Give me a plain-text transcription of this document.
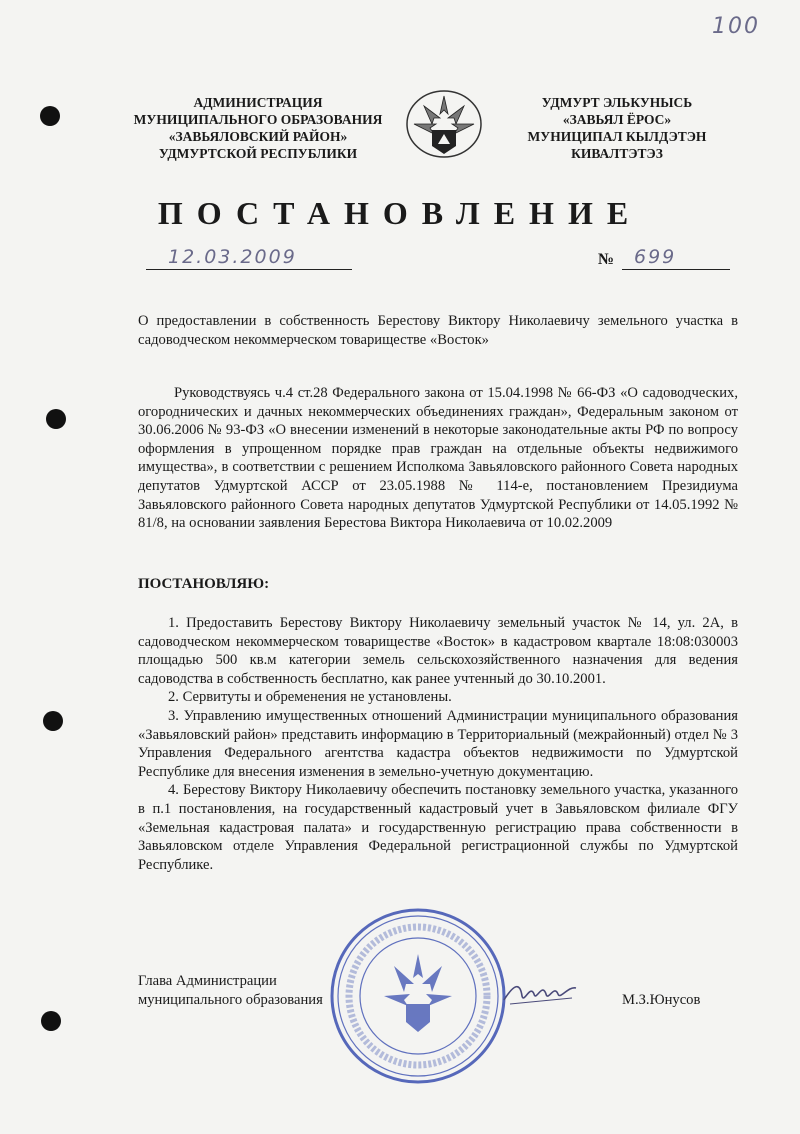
100
АДМИНИСТРАЦИЯ
МУНИЦИПАЛЬНОГО ОБРАЗОВАНИЯ
«ЗАВЬЯЛОВСКИЙ РАЙОН»
УДМУРТСКОЙ РЕСПУБЛИКИ
УДМУРТ ЭЛЬКУНЫСЬ
«ЗАВЬЯЛ ЁРОС»
МУНИЦИПАЛ КЫЛДЭТЭН
КИВАЛТЭТЭЗ
ПОСТАНОВЛЕНИЕ
12.03.2009	№ 699
О предоставлении в собственность Берестову Виктору Николаевичу земельного участка в садоводческом некоммерческом товариществе «Восток»
Руководствуясь ч.4 ст.28 Федерального закона от 15.04.1998 № 66-ФЗ «О садоводческих, огороднических и дачных некоммерческих объединениях граждан», Федеральным законом от 30.06.2006 № 93-ФЗ «О внесении изменений в некоторые законодательные акты РФ по вопросу оформления в упрощенном порядке прав граждан на отдельные объекты недвижимого имущества», в соответствии с решением Исполкома Завьяловского районного Совета народных депутатов Удмуртской АССР от 23.05.1988 № 114-е, постановлением Президиума Завьяловского районного Совета народных депутатов Удмуртской Республики от 14.05.1992 № 81/8, на основании заявления Берестова Виктора Николаевича от 10.02.2009
ПОСТАНОВЛЯЮ:
1. Предоставить Берестову Виктору Николаевичу земельный участок № 14, ул. 2А, в садоводческом некоммерческом товариществе «Восток» в кадастровом квартале 18:08:030003 площадью 500 кв.м категории земель сельскохозяйственного назначения для ведения садоводства в собственность бесплатно, как ранее учтенный до 30.10.2001.
2. Сервитуты и обременения не установлены.
3. Управлению имущественных отношений Администрации муниципального образования «Завьяловский район» представить информацию в Территориальный (межрайонный) отдел № 3 Управления Федерального агентства кадастра объектов недвижимости по Удмуртской Республике для внесения изменения в земельно-учетную документацию.
4. Берестову Виктору Николаевичу обеспечить постановку земельного участка, указанного в п.1 постановления, на государственный кадастровый учет в Завьяловском филиале ФГУ «Земельная кадастровая палата» и государственную регистрацию права собственности в Завьяловском отделе Управления Федеральной регистрационной службы по Удмуртской Республике.
Глава Администрации
муниципального образования	М.З.Юнусов
